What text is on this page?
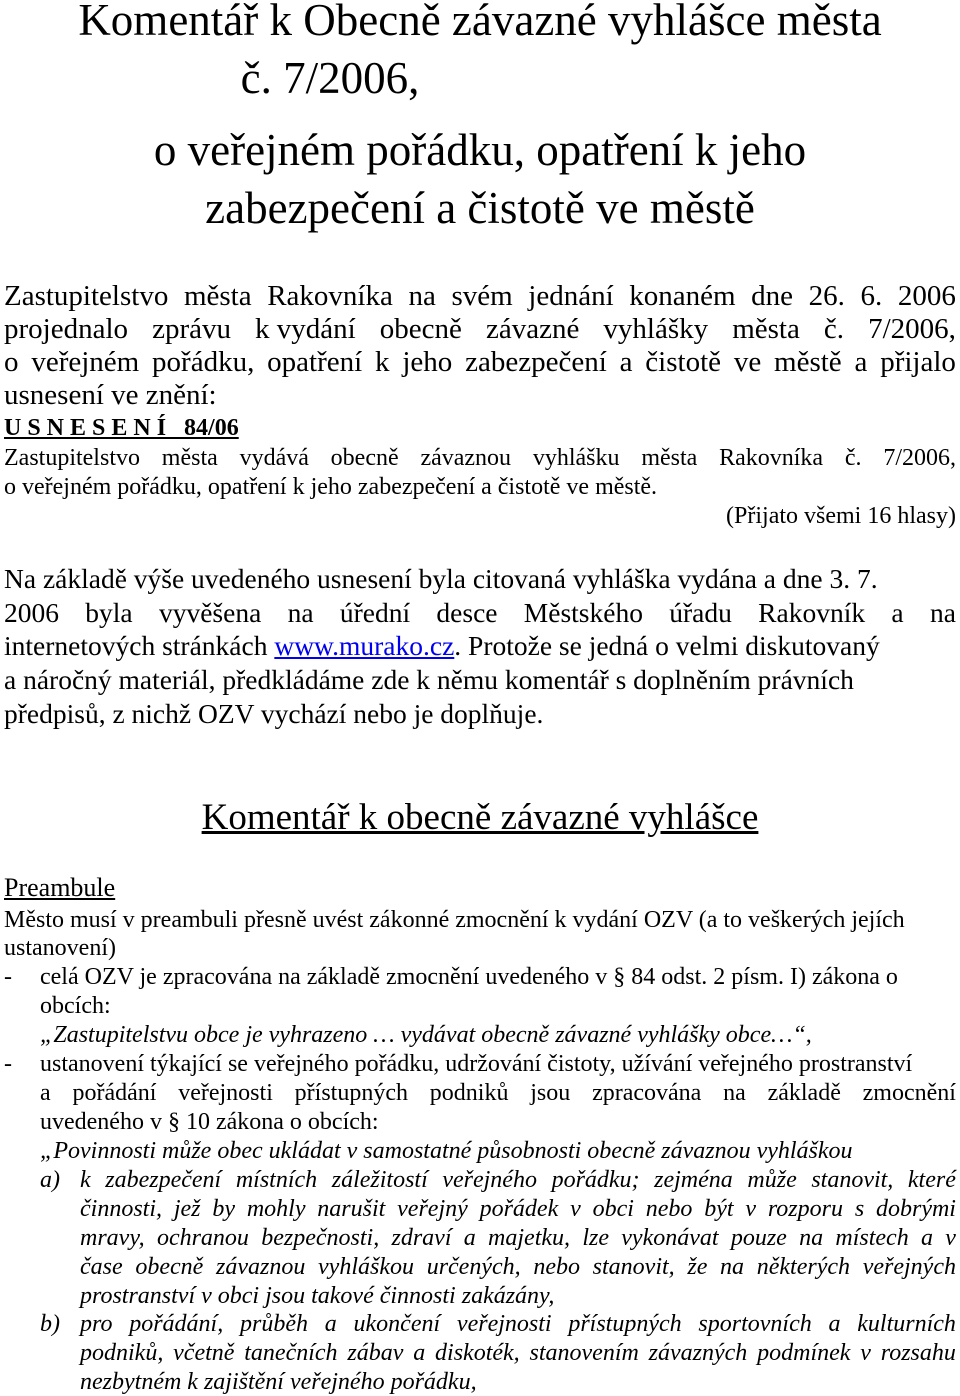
Komentář k Obecně závazné vyhlášce města
č. 7/2006,
o veřejném pořádku, opatření k jeho
zabezpečení a čistotě ve městě
Zastupitelstvo města Rakovníka na svém jednání konaném dne 26. 6. 2006
projednalo zprávu k vydání obecně závazné vyhlášky města č. 7/2006,
o veřejném pořádku, opatření k jeho zabezpečení a čistotě ve městě a přijalo
usnesení ve znění:
U S N E S E N Í   84/06
Zastupitelstvo města vydává obecně závaznou vyhlášku města Rakovníka č. 7/2006,
o veřejném pořádku, opatření k jeho zabezpečení a čistotě ve městě.
(Přijato všemi 16 hlasy)
Na základě výše uvedeného usnesení byla citovaná vyhláška vydána a dne 3. 7.
2006 byla vyvěšena na úřední desce Městského úřadu Rakovník a na
internetových stránkách www.murako.cz. Protože se jedná o velmi diskutovaný
a náročný materiál, předkládáme zde k němu komentář s doplněním právních
předpisů, z nichž OZV vychází nebo je doplňuje.
Komentář k obecně závazné vyhlášce
Preambule
Město musí v preambuli přesně uvést zákonné zmocnění k vydání OZV (a to veškerých jejích
ustanovení)
- celá OZV je zpracována na základě zmocnění uvedeného v § 84 odst. 2 písm. I) zákona o
obcích:
„Zastupitelstvu obce je vyhrazeno … vydávat obecně závazné vyhlášky obce…“,
- ustanovení týkající se veřejného pořádku, udržování čistoty, užívání veřejného prostranství
a pořádání veřejnosti přístupných podniků jsou zpracována na základě zmocnění
uvedeného v § 10 zákona o obcích:
„Povinnosti může obec ukládat v samostatné působnosti obecně závaznou vyhláškou
a) k zabezpečení místních záležitostí veřejného pořádku; zejména může stanovit, které
činnosti, jež by mohly narušit veřejný pořádek v obci nebo být v rozporu s dobrými
mravy, ochranou bezpečnosti, zdraví a majetku, lze vykonávat pouze na místech a v
čase obecně závaznou vyhláškou určených, nebo stanovit, že na některých veřejných
prostranství v obci jsou takové činnosti zakázány,
b) pro pořádání, průběh a ukončení veřejnosti přístupných sportovních a kulturních
podniků, včetně tanečních zábav a diskoték, stanovením závazných podmínek v rozsahu
nezbytném k zajištění veřejného pořádku,
